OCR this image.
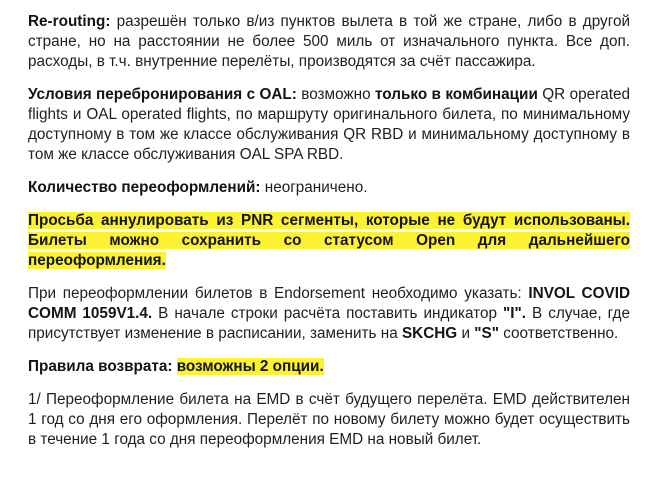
Re-routing: разрешён только в/из пунктов вылета в той же стране, либо в другой стране, но на расстоянии не более 500 миль от изначального пункта. Все доп. расходы, в т.ч. внутренние перелёты, производятся за счёт пассажира.

Условия перебронирования с OAL: возможно только в комбинации QR operated flights и OAL operated flights, по маршруту оригинального билета, по минимальному доступному в том же классе обслуживания QR RBD и минимальному доступному в том же классе обслуживания OAL SPA RBD.

Количество переоформлений: неограничено.

Просьба аннулировать из PNR сегменты, которые не будут использованы. Билеты можно сохранить со статусом Open для дальнейшего переоформления.

При переоформлении билетов в Endorsement необходимо указать: INVOL COVID COMM 1059V1.4. В начале строки расчёта поставить индикатор "I". В случае, где присутствует изменение в расписании, заменить на SKCHG и "S" соответственно.

Правила возврата: возможны 2 опции.

1/ Переоформление билета на EMD в счёт будущего перелёта. EMD действителен 1 год со дня его оформления. Перелёт по новому билету можно будет осуществить в течение 1 года со дня переоформления EMD на новый билет.
